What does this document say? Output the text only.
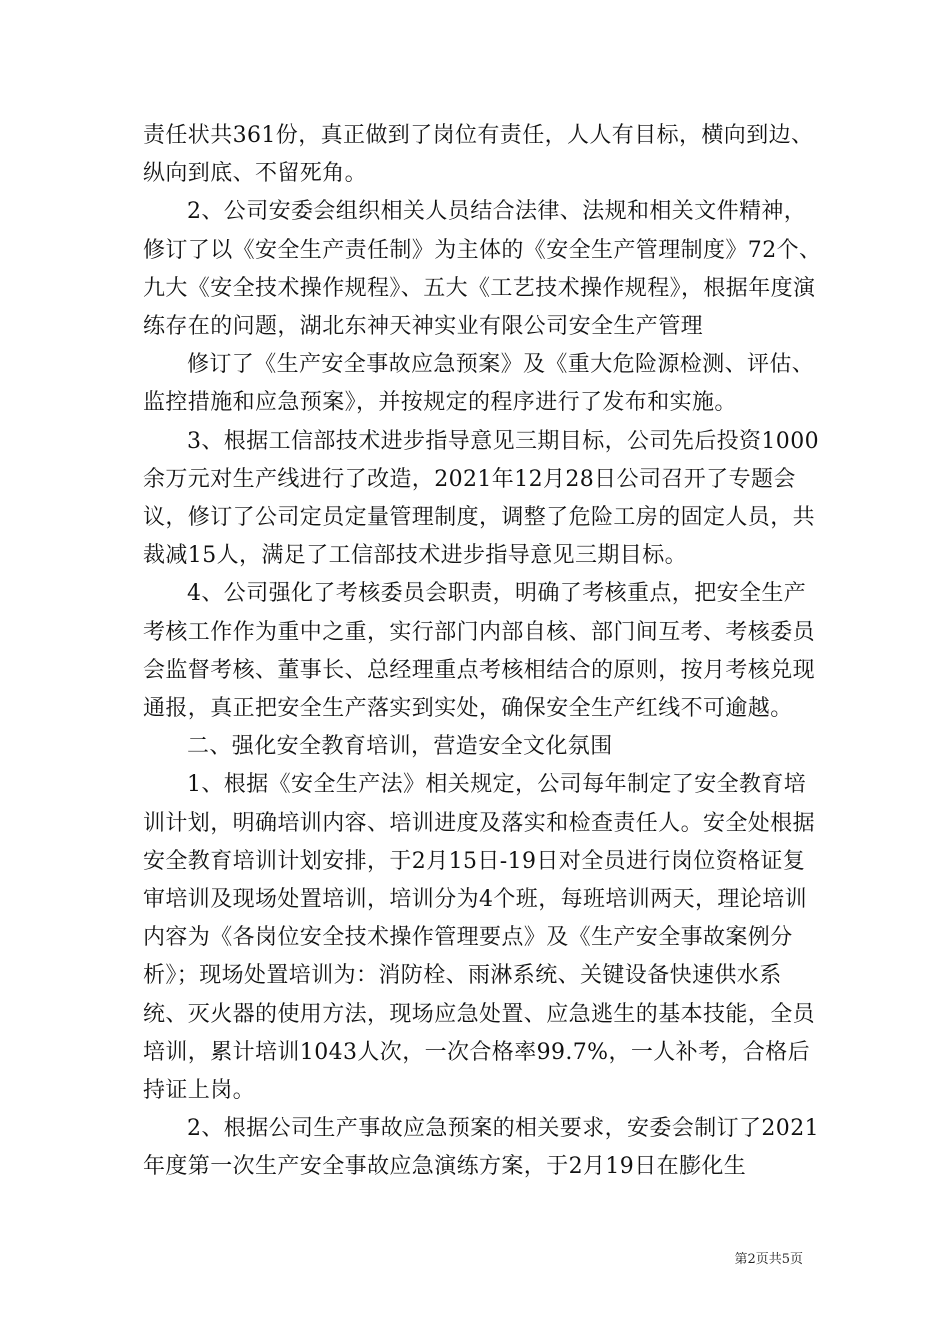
责任状共361份，真正做到了岗位有责任，人人有目标，横向到边、纵向到底、不留死角。

2、公司安委会组织相关人员结合法律、法规和相关文件精神，修订了以《安全生产责任制》为主体的《安全生产管理制度》72个、九大《安全技术操作规程》、五大《工艺技术操作规程》，根据年度演练存在的问题，湖北东神天神实业有限公司安全生产管理

修订了《生产安全事故应急预案》及《重大危险源检测、评估、监控措施和应急预案》，并按规定的程序进行了发布和实施。

3、根据工信部技术进步指导意见三期目标，公司先后投资1000余万元对生产线进行了改造，2021年12月28日公司召开了专题会议，修订了公司定员定量管理制度，调整了危险工房的固定人员，共裁减15人，满足了工信部技术进步指导意见三期目标。

4、公司强化了考核委员会职责，明确了考核重点，把安全生产考核工作作为重中之重，实行部门内部自核、部门间互考、考核委员会监督考核、董事长、总经理重点考核相结合的原则，按月考核兑现通报，真正把安全生产落实到实处，确保安全生产红线不可逾越。

二、强化安全教育培训，营造安全文化氛围

1、根据《安全生产法》相关规定，公司每年制定了安全教育培训计划，明确培训内容、培训进度及落实和检查责任人。安全处根据安全教育培训计划安排，于2月15日-19日对全员进行岗位资格证复审培训及现场处置培训，培训分为4个班，每班培训两天，理论培训内容为《各岗位安全技术操作管理要点》及《生产安全事故案例分析》；现场处置培训为：消防栓、雨淋系统、关键设备快速供水系统、灭火器的使用方法，现场应急处置、应急逃生的基本技能，全员培训，累计培训1043人次，一次合格率99.7%，一人补考，合格后持证上岗。

2、根据公司生产事故应急预案的相关要求，安委会制订了2021年度第一次生产安全事故应急演练方案，于2月19日在膨化生

第2页共5页
